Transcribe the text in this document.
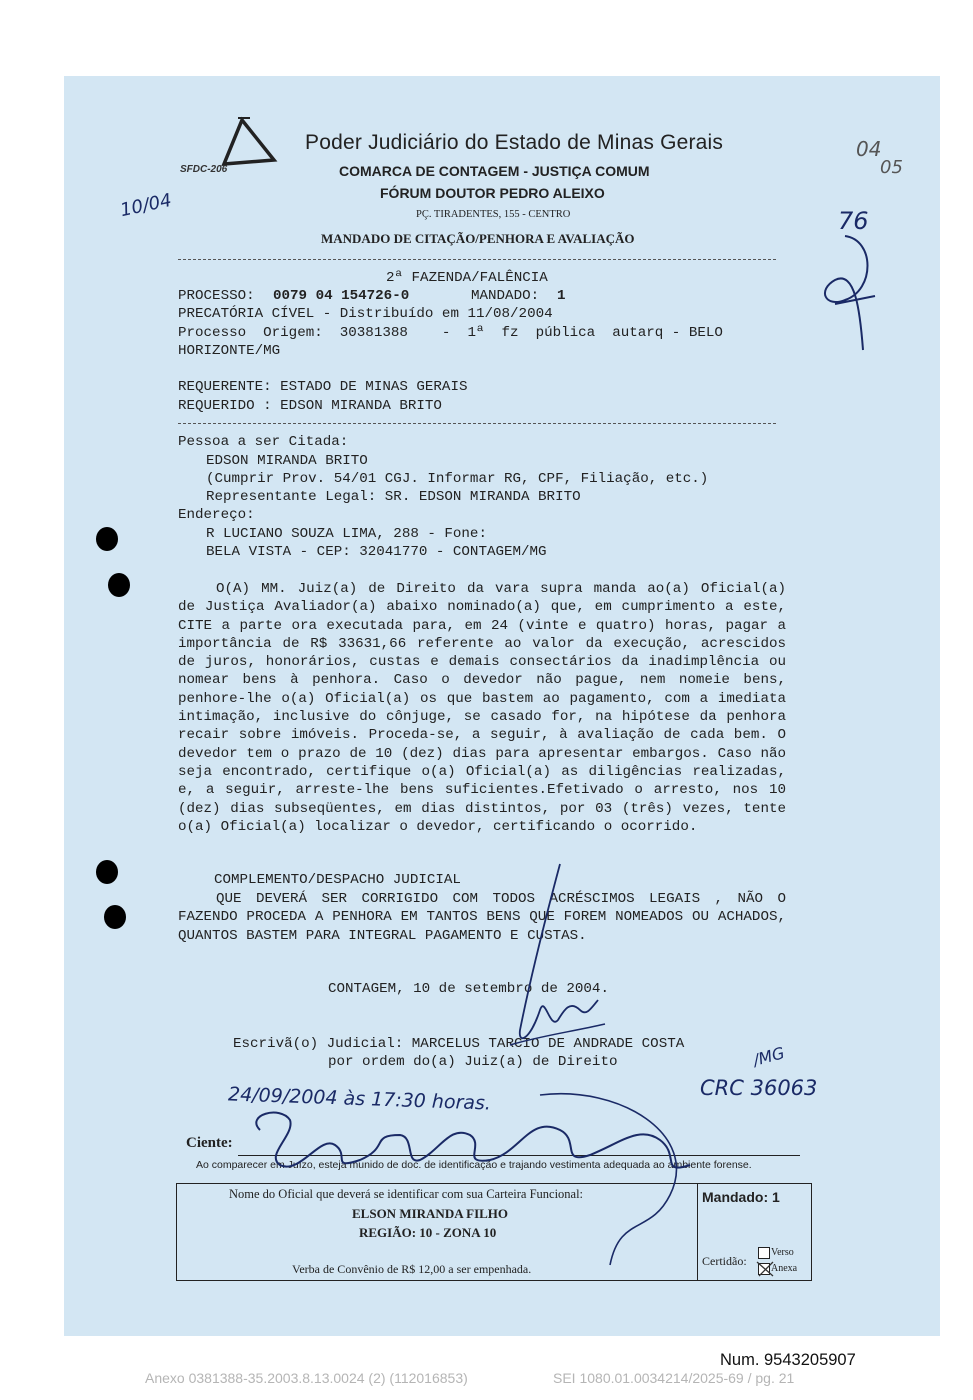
SFDC-206
Poder Judiciário do Estado de Minas Gerais
COMARCA DE CONTAGEM - JUSTIÇA COMUM
FÓRUM DOUTOR PEDRO ALEIXO
PÇ. TIRADENTES, 155 - CENTRO
MANDADO DE CITAÇÃO/PENHORA E AVALIAÇÃO
2ª FAZENDA/FALÊNCIA
PROCESSO: 0079 04 154726-0	MANDADO: 1
PRECATÓRIA CÍVEL - Distribuído em 11/08/2004
Processo  Origem:  30381388    -  1ª  fz  pública  autarq - BELO
HORIZONTE/MG
REQUERENTE: ESTADO DE MINAS GERAIS
REQUERIDO : EDSON MIRANDA BRITO
Pessoa a ser Citada:
EDSON MIRANDA BRITO
(Cumprir Prov. 54/01 CGJ. Informar RG, CPF, Filiação, etc.)
Representante Legal: SR. EDSON MIRANDA BRITO
Endereço:
R LUCIANO SOUZA LIMA, 288 - Fone:
BELA VISTA - CEP: 32041770 - CONTAGEM/MG
O(A) MM. Juiz(a) de Direito da vara supra manda ao(a) Oficial(a) de Justiça Avaliador(a) abaixo nominado(a) que, em cumprimento a este, CITE a parte ora executada para, em 24 (vinte e quatro) horas, pagar a importância de R$ 33631,66 referente ao valor da execução, acrescidos de juros, honorários, custas e demais consectários da inadimplência ou nomear bens à penhora. Caso o devedor não pague, nem nomeie bens, penhore-lhe o(a) Oficial(a) os que bastem ao pagamento, com a imediata intimação, inclusive do cônjuge, se casado for, na hipótese da penhora recair sobre imóveis. Proceda-se, a seguir, à avaliação de cada bem. O devedor tem o prazo de 10 (dez) dias para apresentar embargos. Caso não seja encontrado, certifique o(a) Oficial(a) as diligências realizadas, e, a seguir, arreste-lhe bens suficientes.Efetivado o arresto, nos 10 (dez) dias subseqüentes, em dias distintos, por 03 (três) vezes, tente o(a) Oficial(a) localizar o devedor, certificando o ocorrido.
COMPLEMENTO/DESPACHO JUDICIAL
QUE DEVERÁ SER CORRIGIDO COM TODOS ACRÉSCIMOS LEGAIS , NÃO O FAZENDO PROCEDA A PENHORA EM TANTOS BENS QUE FOREM NOMEADOS OU ACHADOS, QUANTOS BASTEM PARA INTEGRAL PAGAMENTO E CUSTAS.
CONTAGEM, 10 de setembro de 2004.
Escrivã(o) Judicial: MARCELUS TARCIO DE ANDRADE COSTA
por ordem do(a) Juiz(a) de Direito
Ciente:
Ao comparecer em Juízo, esteja munido de doc. de identificação e trajando vestimenta adequada ao ambiente forense.
Nome do Oficial que deverá se identificar com sua Carteira Funcional:
ELSON MIRANDA FILHO
REGIÃO: 10 - ZONA 10
Verba de Convênio de R$ 12,00 a ser empenhada.
Mandado: 1
Certidão:
Verso
Anexa
10/04
04
05
76
24/09/2004 às 17:30 horas.
/MG
CRC 36063
Num. 9543205907
Anexo 0381388-35.2003.8.13.0024 (2) (112016853)	SEI 1080.01.0034214/2025-69 / pg. 21
